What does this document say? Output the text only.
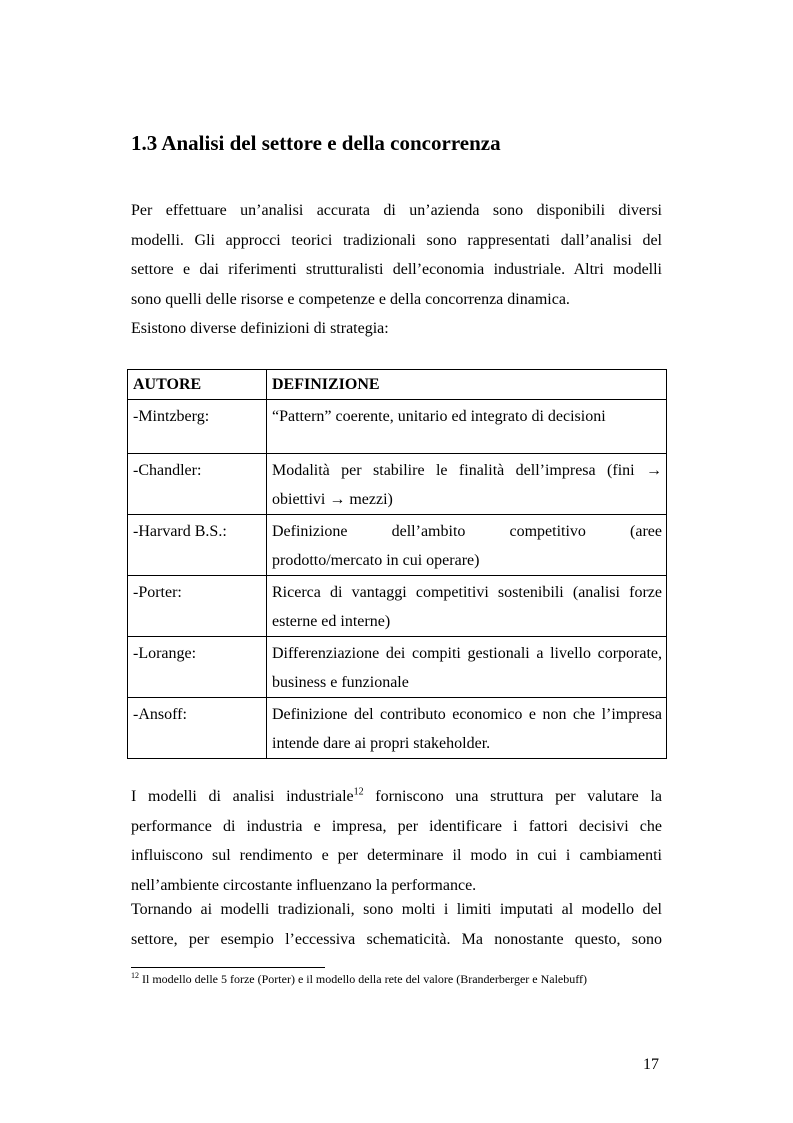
1.3 Analisi del settore e della concorrenza

Per effettuare un’analisi accurata di un’azienda sono disponibili diversi
modelli. Gli approcci teorici tradizionali sono rappresentati dall’analisi del
settore e dai riferimenti strutturalisti dell’economia industriale. Altri modelli
sono quelli delle risorse e competenze e della concorrenza dinamica.
Esistono diverse definizioni di strategia:

AUTORE	DEFINIZIONE
-Mintzberg:	“Pattern” coerente, unitario ed integrato di decisioni
-Chandler:	Modalità per stabilire le finalità dell’impresa (fini →
obiettivi → mezzi)
-Harvard B.S.:	Definizione dell’ambito competitivo (aree
prodotto/mercato in cui operare)
-Porter:	Ricerca di vantaggi competitivi sostenibili (analisi forze
esterne ed interne)
-Lorange:	Differenziazione dei compiti gestionali a livello corporate,
business e funzionale
-Ansoff:	Definizione del contributo economico e non che l’impresa
intende dare ai propri stakeholder.

I modelli di analisi industriale$^{12}$ forniscono una struttura per valutare la
performance di industria e impresa, per identificare i fattori decisivi che
influiscono sul rendimento e per determinare il modo in cui i cambiamenti
nell’ambiente circostante influenzano la performance.

Tornando ai modelli tradizionali, sono molti i limiti imputati al modello del
settore, per esempio l’eccessiva schematicità. Ma nonostante questo, sono

$^{12}$ Il modello delle 5 forze (Porter) e il modello della rete del valore (Branderberger e Nalebuff)

17
